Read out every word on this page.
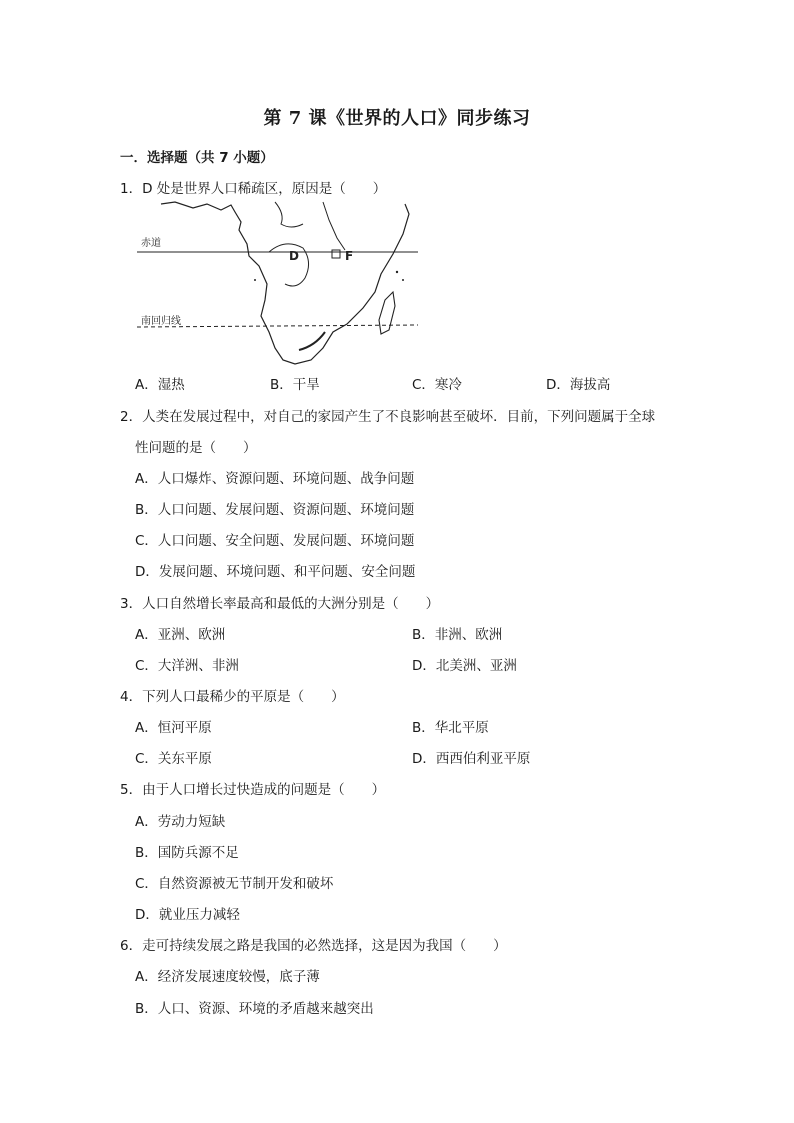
第 7 课《世界的人口》同步练习
一．选择题（共 7 小题）
1．D 处是世界人口稀疏区，原因是（　　）
赤道
南回归线
D	F
A．湿热	B．干旱	C．寒冷	D．海拔高
2．人类在发展过程中，对自己的家园产生了不良影响甚至破坏．目前，下列问题属于全球
性问题的是（　　）
A．人口爆炸、资源问题、环境问题、战争问题
B．人口问题、发展问题、资源问题、环境问题
C．人口问题、安全问题、发展问题、环境问题
D．发展问题、环境问题、和平问题、安全问题
3．人口自然增长率最高和最低的大洲分别是（　　）
A．亚洲、欧洲	B．非洲、欧洲
C．大洋洲、非洲	D．北美洲、亚洲
4．下列人口最稀少的平原是（　　）
A．恒河平原	B．华北平原
C．关东平原	D．西西伯利亚平原
5．由于人口增长过快造成的问题是（　　）
A．劳动力短缺
B．国防兵源不足
C．自然资源被无节制开发和破坏
D．就业压力减轻
6．走可持续发展之路是我国的必然选择，这是因为我国（　　）
A．经济发展速度较慢，底子薄
B．人口、资源、环境的矛盾越来越突出
